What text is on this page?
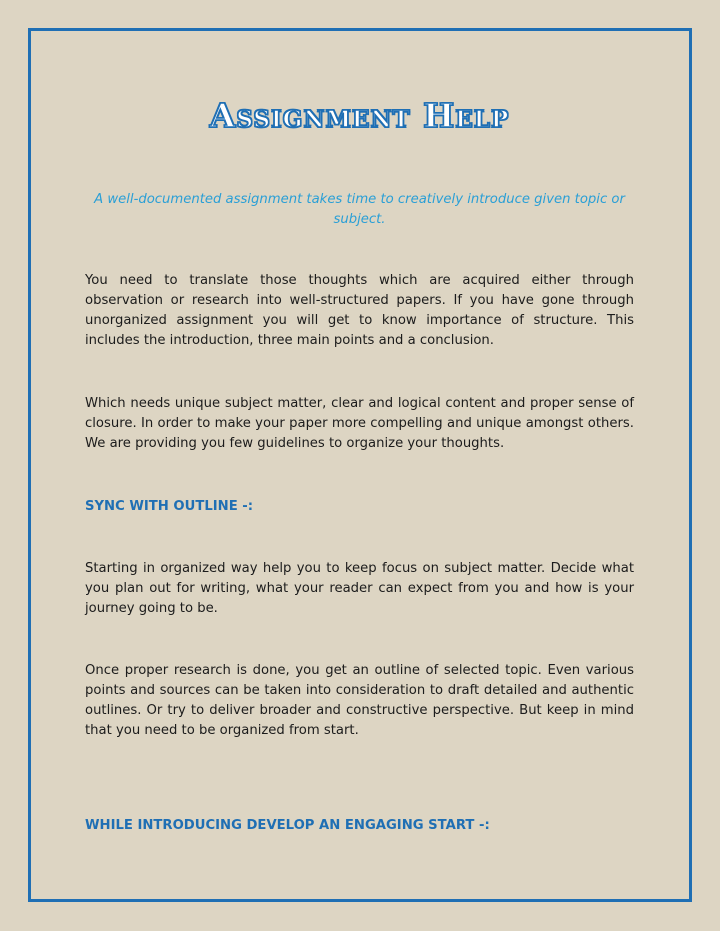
Assignment Help

A well-documented assignment takes time to creatively introduce given topic or subject.

You need to translate those thoughts which are acquired either through observation or research into well-structured papers. If you have gone through unorganized assignment you will get to know importance of structure. This includes the introduction, three main points and a conclusion.

Which needs unique subject matter, clear and logical content and proper sense of closure. In order to make your paper more compelling and unique amongst others. We are providing you few guidelines to organize your thoughts.

SYNC WITH OUTLINE -:

Starting in organized way help you to keep focus on subject matter. Decide what you plan out for writing, what your reader can expect from you and how is your journey going to be.

Once proper research is done, you get an outline of selected topic. Even various points and sources can be taken into consideration to draft detailed and authentic outlines. Or try to deliver broader and constructive perspective. But keep in mind that you need to be organized from start.

WHILE INTRODUCING DEVELOP AN ENGAGING START -:
